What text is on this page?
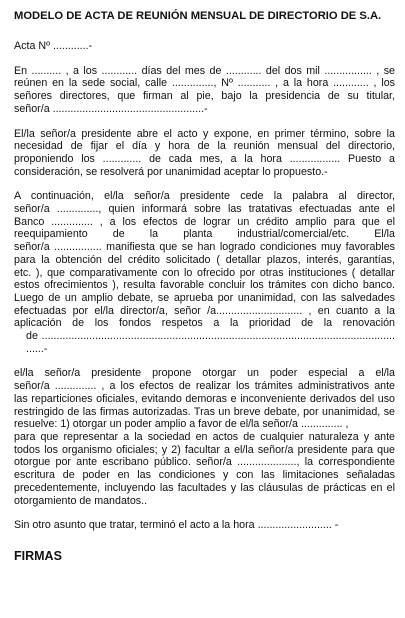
MODELO DE ACTA DE REUNIÓN MENSUAL DE DIRECTORIO DE S.A.
Acta Nº ............-
En .......... , a los ............ días del mes de ............ del dos mil ................ , se
reúnen en la sede social, calle .............., Nº ........... , a la hora ............ , los
señores directores, que firman al pie, bajo la presidencia de su titular,
señor/a ...................................................-
El/la señor/a presidente abre el acto y expone, en primer término, sobre la
necesidad de fijar el día y hora de la reunión mensual del directorio,
proponiendo los ............. de cada mes, a la hora ................. Puesto a
consideración, se resolverá por unanimidad aceptar lo propuesto.-
A continuación, el/la señor/a presidente cede la palabra al director,
señor/a .............., quien informará sobre las tratativas efectuadas ante el
Banco .............. , a los efectos de lograr un crédito amplio para que el
reequipamiento de la planta industrial/comercial/etc. El/la
señor/a ................ manifiesta que se han logrado condiciones muy favorables
para la obtención del crédito solicitado ( detallar plazos, interés, garantías,
etc. ), que comparativamente con lo ofrecido por otras instituciones ( detallar
estos ofrecimientos ), resulta favorable concluir los trámites con dicho banco.
Luego de un amplio debate, se aprueba por unanimidad, con las salvedades
efectuadas por el/la director/a, señor /a............................. , en cuanto a la
aplicación de los fondos respetos a la prioridad de la renovación
de .......................................................................................................................
......-
el/la señor/a presidente propone otorgar un poder especial a el/la
señor/a .............. , a los efectos de realizar los trámites administrativos ante
las reparticiones oficiales, evitando demoras e inconveniente derivados del uso
restringido de las firmas autorizadas. Tras un breve debate, por unanimidad, se
resuelve: 1) otorgar un poder amplio a favor de el/la señor/a .............. ,
para que representar a la sociedad en actos de cualquier naturaleza y ante
todos los organismo oficiales; y 2) facultar a el/la señor/a presidente para que
otorgue por ante escribano público. señor/a ...................., la correspondiente
escritura de poder en las condiciones y con las limitaciones señaladas
precedentemente, incluyendo las facultades y las cláusulas de prácticas en el
otorgamiento de mandatos..
Sin otro asunto que tratar, terminó el acto a la hora ......................... -
FIRMAS
